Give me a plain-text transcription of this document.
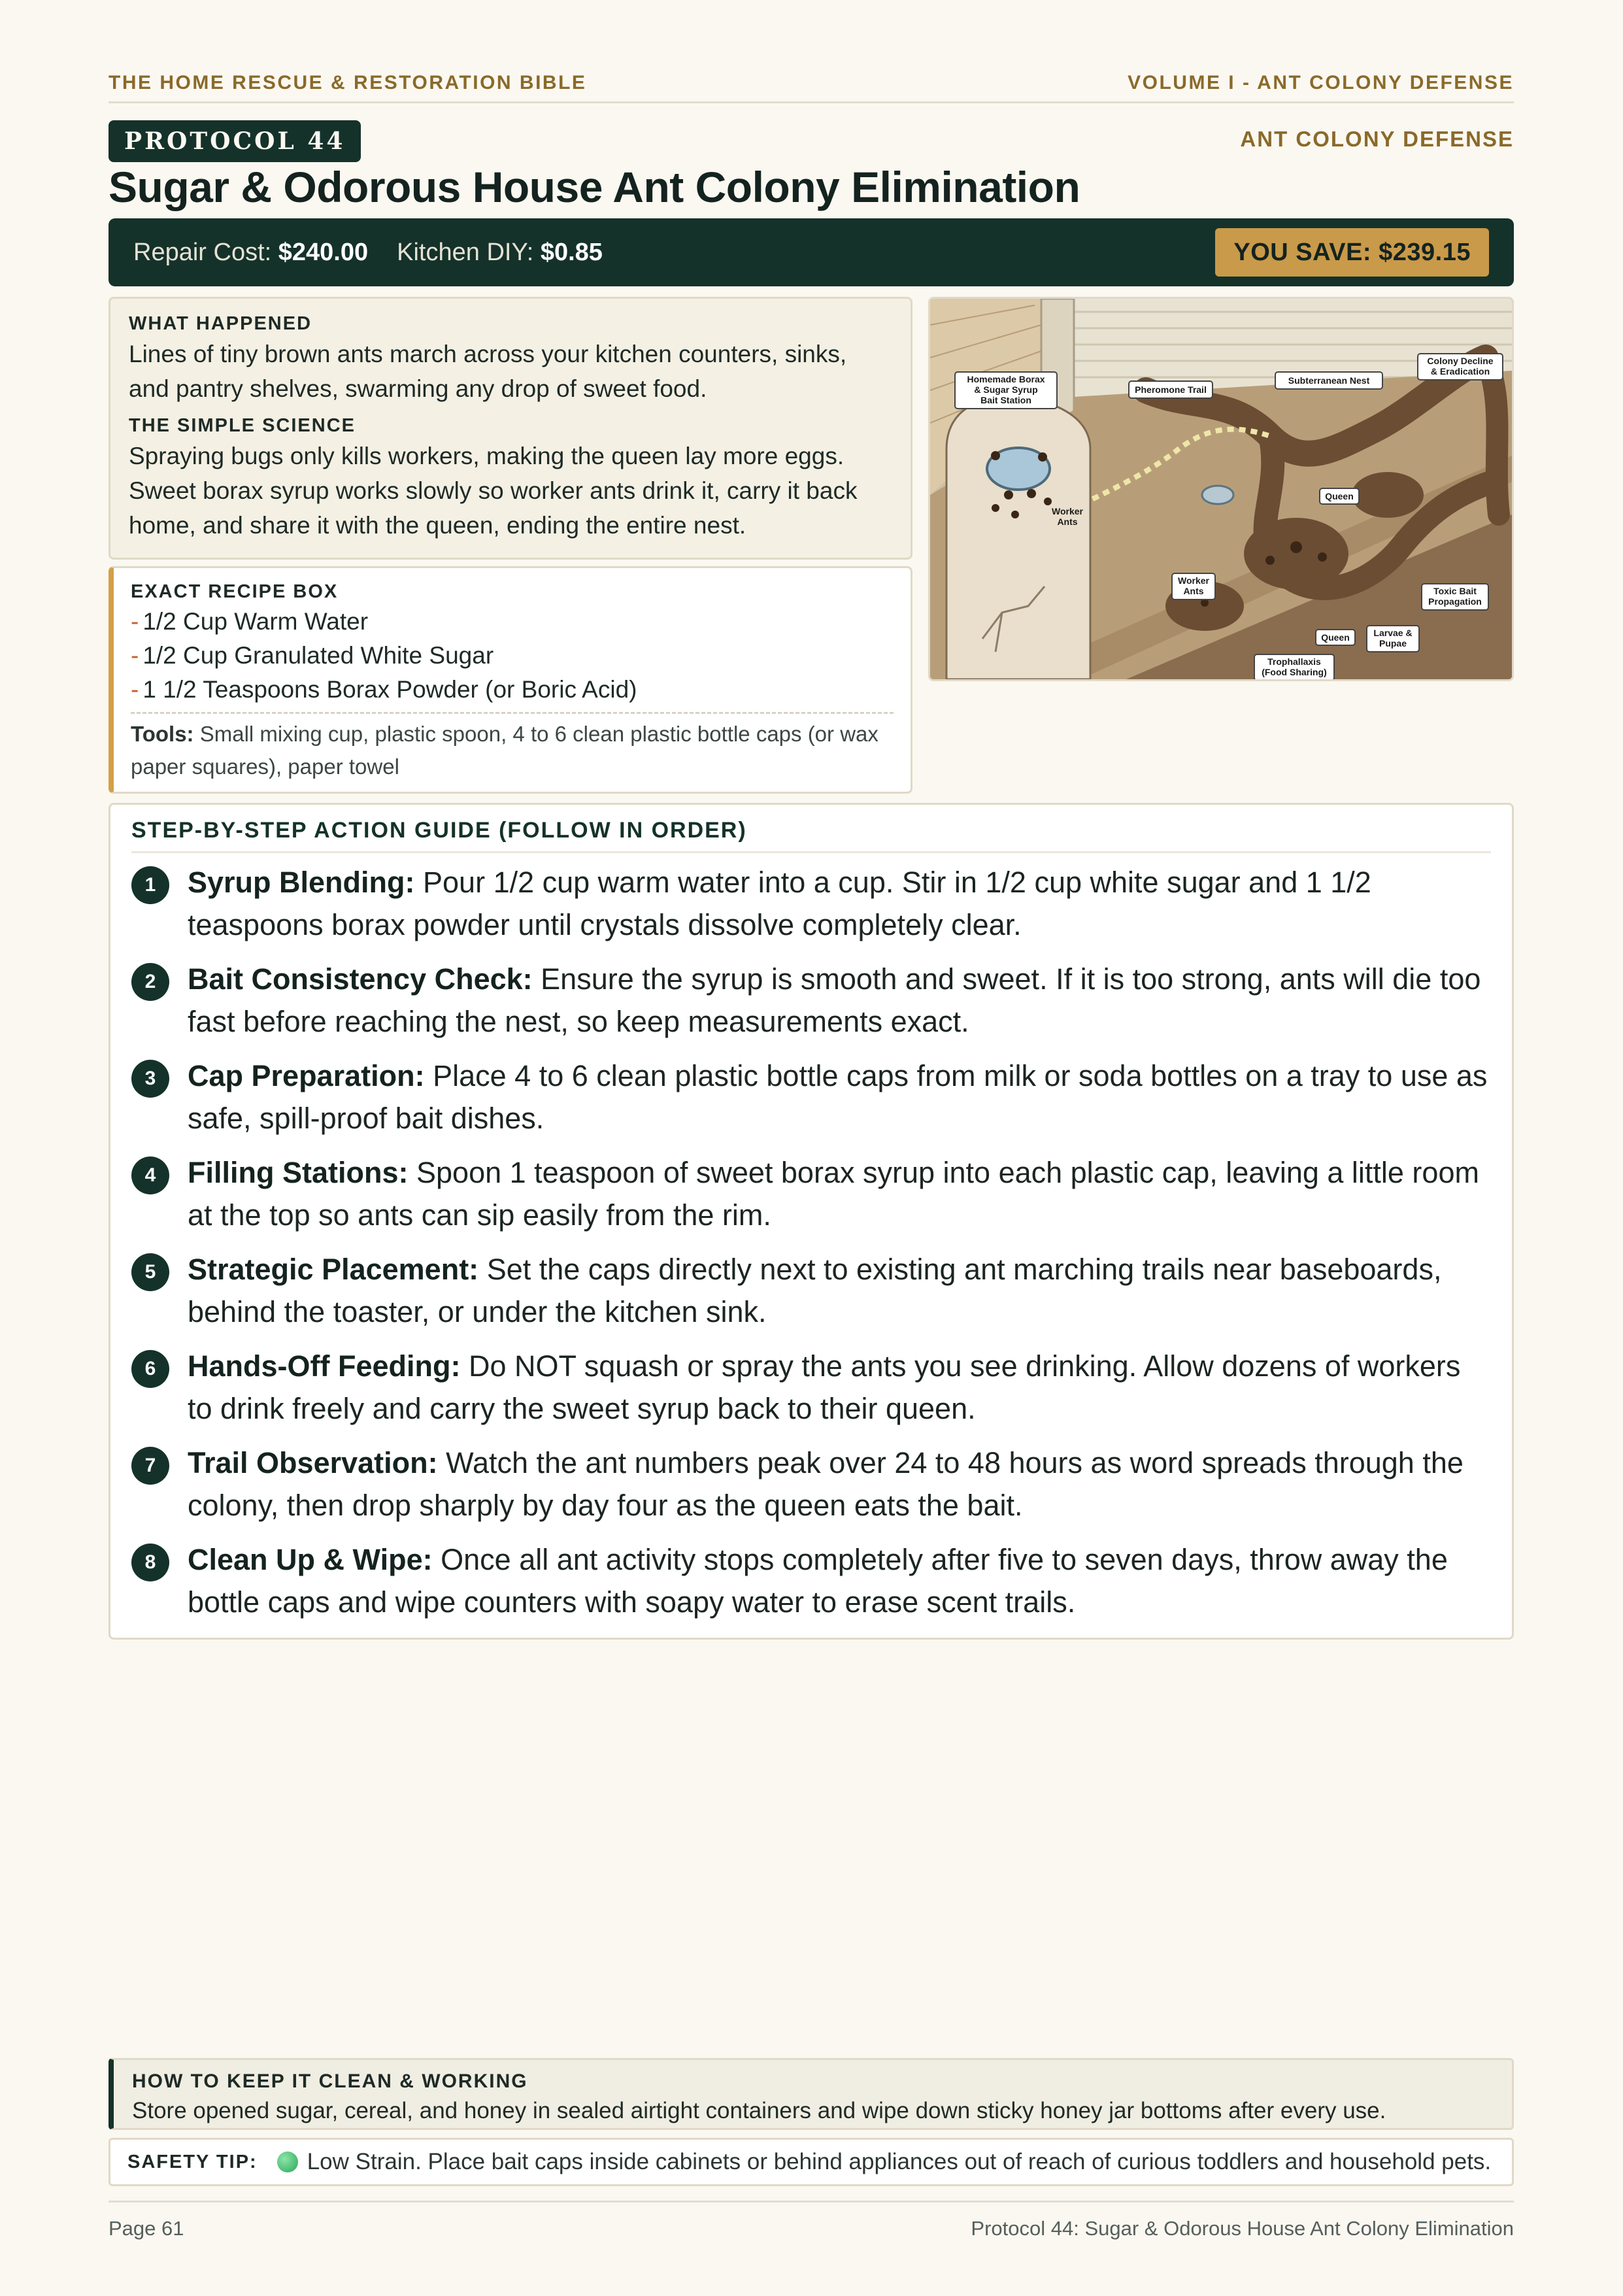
THE HOME RESCUE & RESTORATION BIBLE	VOLUME I - ANT COLONY DEFENSE
PROTOCOL 44	ANT COLONY DEFENSE
Sugar & Odorous House Ant Colony Elimination
Repair Cost: $240.00 Kitchen DIY: $0.85	YOU SAVE: $239.15
WHAT HAPPENED

Lines of tiny brown ants march across your kitchen counters, sinks, and pantry shelves, swarming any drop of sweet food.

THE SIMPLE SCIENCE

Spraying bugs only kills workers, making the queen lay more eggs. Sweet borax syrup works slowly so worker ants drink it, carry it back home, and share it with the queen, ending the entire nest.

EXACT RECIPE BOX
- 1/2 Cup Warm Water
- 1/2 Cup Granulated White Sugar
- 1 1/2 Teaspoons Borax Powder (or Boric Acid)
Tools: Small mixing cup, plastic spoon, 4 to 6 clean plastic bottle caps (or wax paper squares), paper towel
Homemade Borax
& Sugar Syrup
Bait Station
Pheromone Trail
Subterranean Nest
Colony Decline
& Eradication
Queen
Worker
Ants
Worker
Ants	Toxic Bait
Propagation
Queen	Larvae &
Pupae
Trophallaxis
(Food Sharing)
STEP-BY-STEP ACTION GUIDE (FOLLOW IN ORDER)
1	Syrup Blending: Pour 1/2 cup warm water into a cup. Stir in 1/2 cup white sugar and 1 1/2 teaspoons borax powder until crystals dissolve completely clear.

2	Bait Consistency Check: Ensure the syrup is smooth and sweet. If it is too strong, ants will die too fast before reaching the nest, so keep measurements exact.

3	Cap Preparation: Place 4 to 6 clean plastic bottle caps from milk or soda bottles on a tray to use as safe, spill-proof bait dishes.

4	Filling Stations: Spoon 1 teaspoon of sweet borax syrup into each plastic cap, leaving a little room at the top so ants can sip easily from the rim.

5	Strategic Placement: Set the caps directly next to existing ant marching trails near baseboards, behind the toaster, or under the kitchen sink.

6	Hands-Off Feeding: Do NOT squash or spray the ants you see drinking. Allow dozens of workers to drink freely and carry the sweet syrup back to their queen.

7	Trail Observation: Watch the ant numbers peak over 24 to 48 hours as word spreads through the colony, then drop sharply by day four as the queen eats the bait.

8	Clean Up & Wipe: Once all ant activity stops completely after five to seven days, throw away the bottle caps and wipe counters with soapy water to erase scent trails.

HOW TO KEEP IT CLEAN & WORKING
Store opened sugar, cereal, and honey in sealed airtight containers and wipe down sticky honey jar bottoms after every use.
SAFETY TIP: Low Strain. Place bait caps inside cabinets or behind appliances out of reach of curious toddlers and household pets.
Page 61	Protocol 44: Sugar & Odorous House Ant Colony Elimination
